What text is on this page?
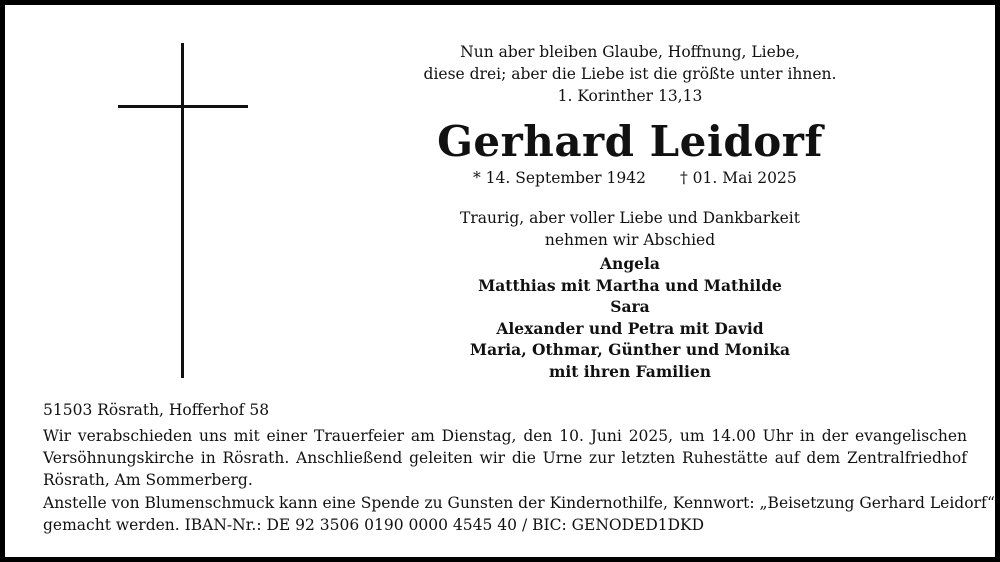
Nun aber bleiben Glaube, Hoffnung, Liebe,
diese drei; aber die Liebe ist die größte unter ihnen.
1. Korinther 13,13
Gerhard Leidorf
* 14. September 1942 † 01. Mai 2025
Traurig, aber voller Liebe und Dankbarkeit
nehmen wir Abschied
Angela
Matthias mit Martha und Mathilde
Sara
Alexander und Petra mit David
Maria, Othmar, Günther und Monika
mit ihren Familien
51503 Rösrath, Hofferhof 58
Wir verabschieden uns mit einer Trauerfeier am Dienstag, den 10. Juni 2025, um 14.00 Uhr in der evangelischen Versöhnungskirche in Rösrath. Anschließend geleiten wir die Urne zur letzten Ruhestätte auf dem Zentralfriedhof Rösrath, Am Sommerberg.
Anstelle von Blumenschmuck kann eine Spende zu Gunsten der Kindernothilfe, Kennwort: „Beisetzung Gerhard Leidorf“
gemacht werden. IBAN-Nr.: DE 92 3506 0190 0000 4545 40 / BIC: GENODED1DKD
